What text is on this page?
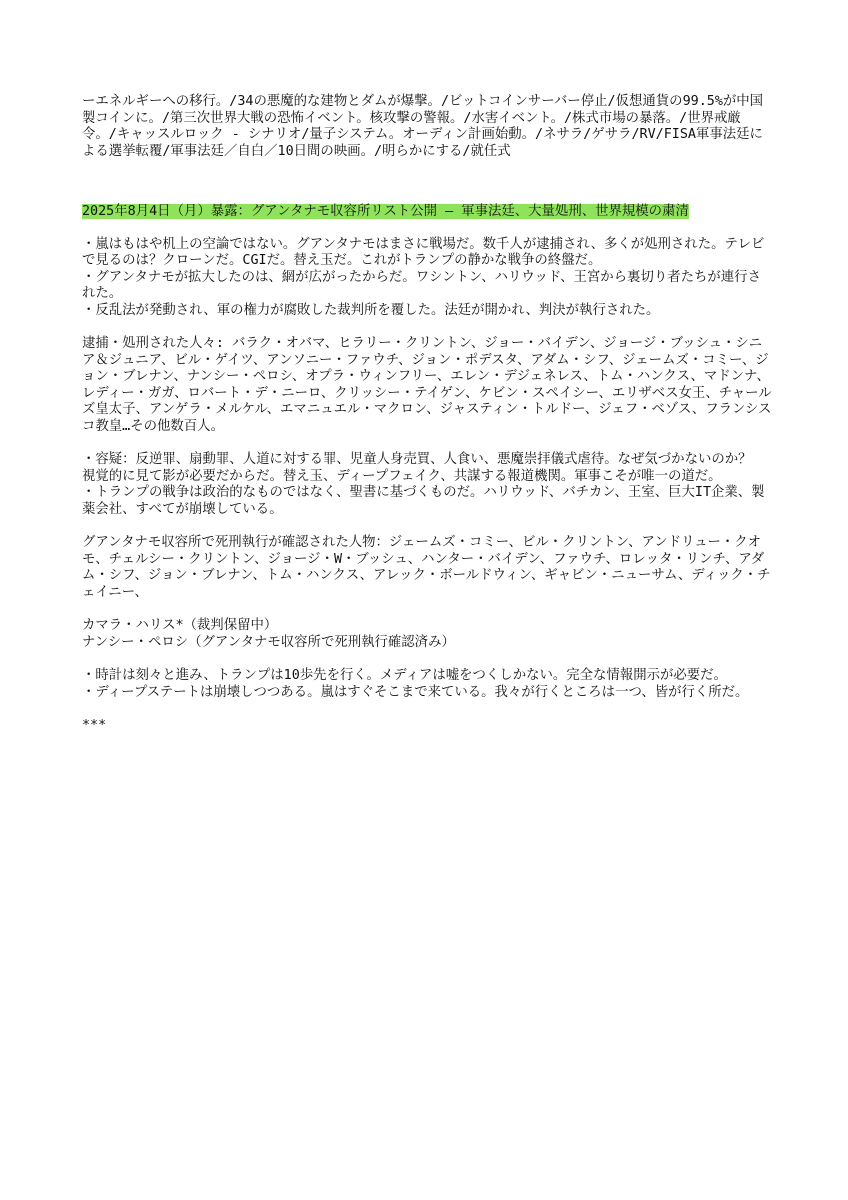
ーエネルギーへの移行。/34の悪魔的な建物とダムが爆撃。/ビットコインサーバー停止/仮想通貨の99.5%が中国製コインに。/第三次世界大戦の恐怖イベント。核攻撃の警報。/水害イベント。/株式市場の暴落。/世界戒厳令。/キャッスルロック - シナリオ/量子システム。オーディン計画始動。/ネサラ/ゲサラ/RV/FISA軍事法廷による選挙転覆/軍事法廷／自白／10日間の映画。/明らかにする/就任式

2025年8月4日（月）暴露：グアンタナモ収容所リスト公開 — 軍事法廷、大量処刑、世界規模の粛清

・嵐はもはや机上の空論ではない。グアンタナモはまさに戦場だ。数千人が逮捕され、多くが処刑された。テレビで見るのは？クローンだ。CGIだ。替え玉だ。これがトランプの静かな戦争の終盤だ。

・グアンタナモが拡大したのは、網が広がったからだ。ワシントン、ハリウッド、王宮から裏切り者たちが連行された。

・反乱法が発動され、軍の権力が腐敗した裁判所を覆した。法廷が開かれ、判決が執行された。

逮捕・処刑された人々: バラク・オバマ、ヒラリー・クリントン、ジョー・バイデン、ジョージ・ブッシュ・シニア＆ジュニア、ビル・ゲイツ、アンソニー・ファウチ、ジョン・ポデスタ、アダム・シフ、ジェームズ・コミー、ジョン・ブレナン、ナンシー・ペロシ、オプラ・ウィンフリー、エレン・デジェネレス、トム・ハンクス、マドンナ、レディー・ガガ、ロバート・デ・ニーロ、クリッシー・テイゲン、ケビン・スペイシー、エリザベス女王、チャールズ皇太子、アンゲラ・メルケル、エマニュエル・マクロン、ジャスティン・トルドー、ジェフ・ベゾス、フランシスコ教皇…その他数百人。

・容疑：反逆罪、扇動罪、人道に対する罪、児童人身売買、人食い、悪魔崇拝儀式虐待。なぜ気づかないのか？ 視覚的に見て影が必要だからだ。替え玉、ディープフェイク、共謀する報道機関。軍事こそが唯一の道だ。

・トランプの戦争は政治的なものではなく、聖書に基づくものだ。ハリウッド、バチカン、王室、巨大IT企業、製薬会社、すべてが崩壊している。

グアンタナモ収容所で死刑執行が確認された人物：ジェームズ・コミー、ビル・クリントン、アンドリュー・クオモ、チェルシー・クリントン、ジョージ・W・ブッシュ、ハンター・バイデン、ファウチ、ロレッタ・リンチ、アダム・シフ、ジョン・ブレナン、トム・ハンクス、アレック・ボールドウィン、ギャビン・ニューサム、ディック・チェイニー、

カマラ・ハリス*（裁判保留中）

ナンシー・ペロシ（グアンタナモ収容所で死刑執行確認済み）

・時計は刻々と進み、トランプは10歩先を行く。メディアは嘘をつくしかない。完全な情報開示が必要だ。

・ディープステートは崩壊しつつある。嵐はすぐそこまで来ている。我々が行くところは一つ、皆が行く所だ。

***
